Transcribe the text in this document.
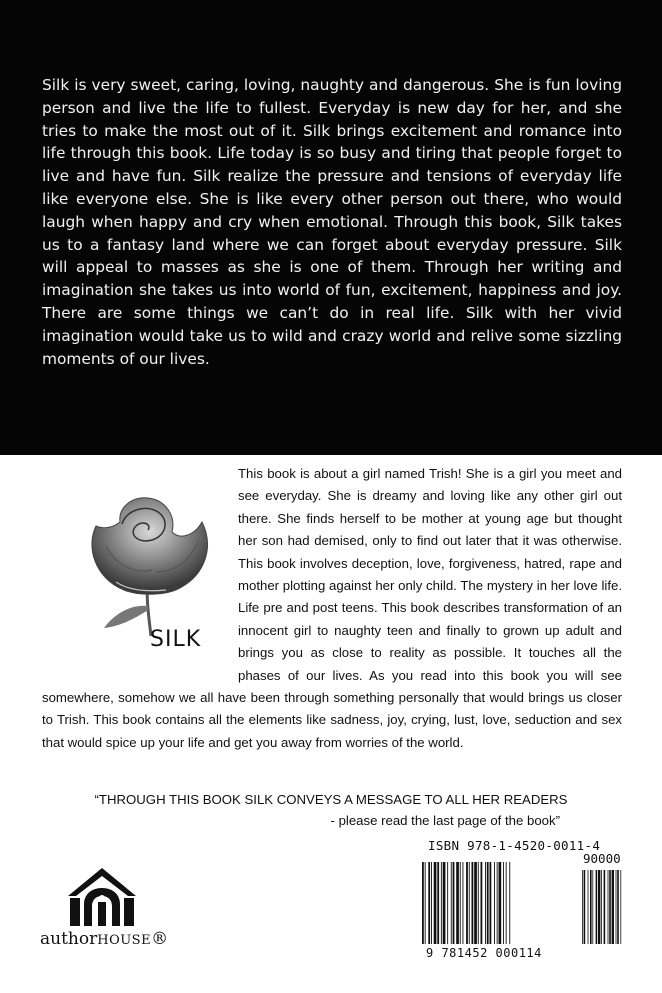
Silk is very sweet, caring, loving, naughty and dangerous. She is fun loving person and live the life to fullest. Everyday is new day for her, and she tries to make the most out of it. Silk brings excitement and romance into life through this book. Life today is so busy and tiring that people forget to live and have fun. Silk realize the pressure and tensions of everyday life like everyone else. She is like every other person out there, who would laugh when happy and cry when emotional. Through this book, Silk takes us to a fantasy land where we can forget about everyday pressure. Silk will appeal to masses as she is one of them. Through her writing and imagination she takes us into world of fun, excitement, happiness and joy. There are some things we can’t do in real life. Silk with her vivid imagination would take us to wild and crazy world and relive some sizzling moments of our lives.
This book is about a girl named Trish! She is a girl you meet and see everyday. She is dreamy and loving like any other girl out there. She finds herself to be mother at young age but thought her son had demised, only to find out later that it was otherwise. This book involves deception, love, forgiveness, hatred, rape and mother plotting against her only child. The mystery in her love life. Life pre and post teens. This book describes transformation of an innocent girl to naughty teen and finally to grown up adult and brings you as close to reality as possible. It touches all the phases of our lives. As you read into this book you will see somewhere, somehow we all have been through something personally that would brings us closer to Trish. This book contains all the elements like sadness, joy, crying, lust, love, seduction and sex that would spice up your life and get you away from worries of the world.
SILK
“THROUGH THIS BOOK SILK CONVEYS A MESSAGE TO ALL HER READERS
- please read the last page of the book”
authorHOUSE®
ISBN 978-1-4520-0011-4
90000
9 781452 000114
